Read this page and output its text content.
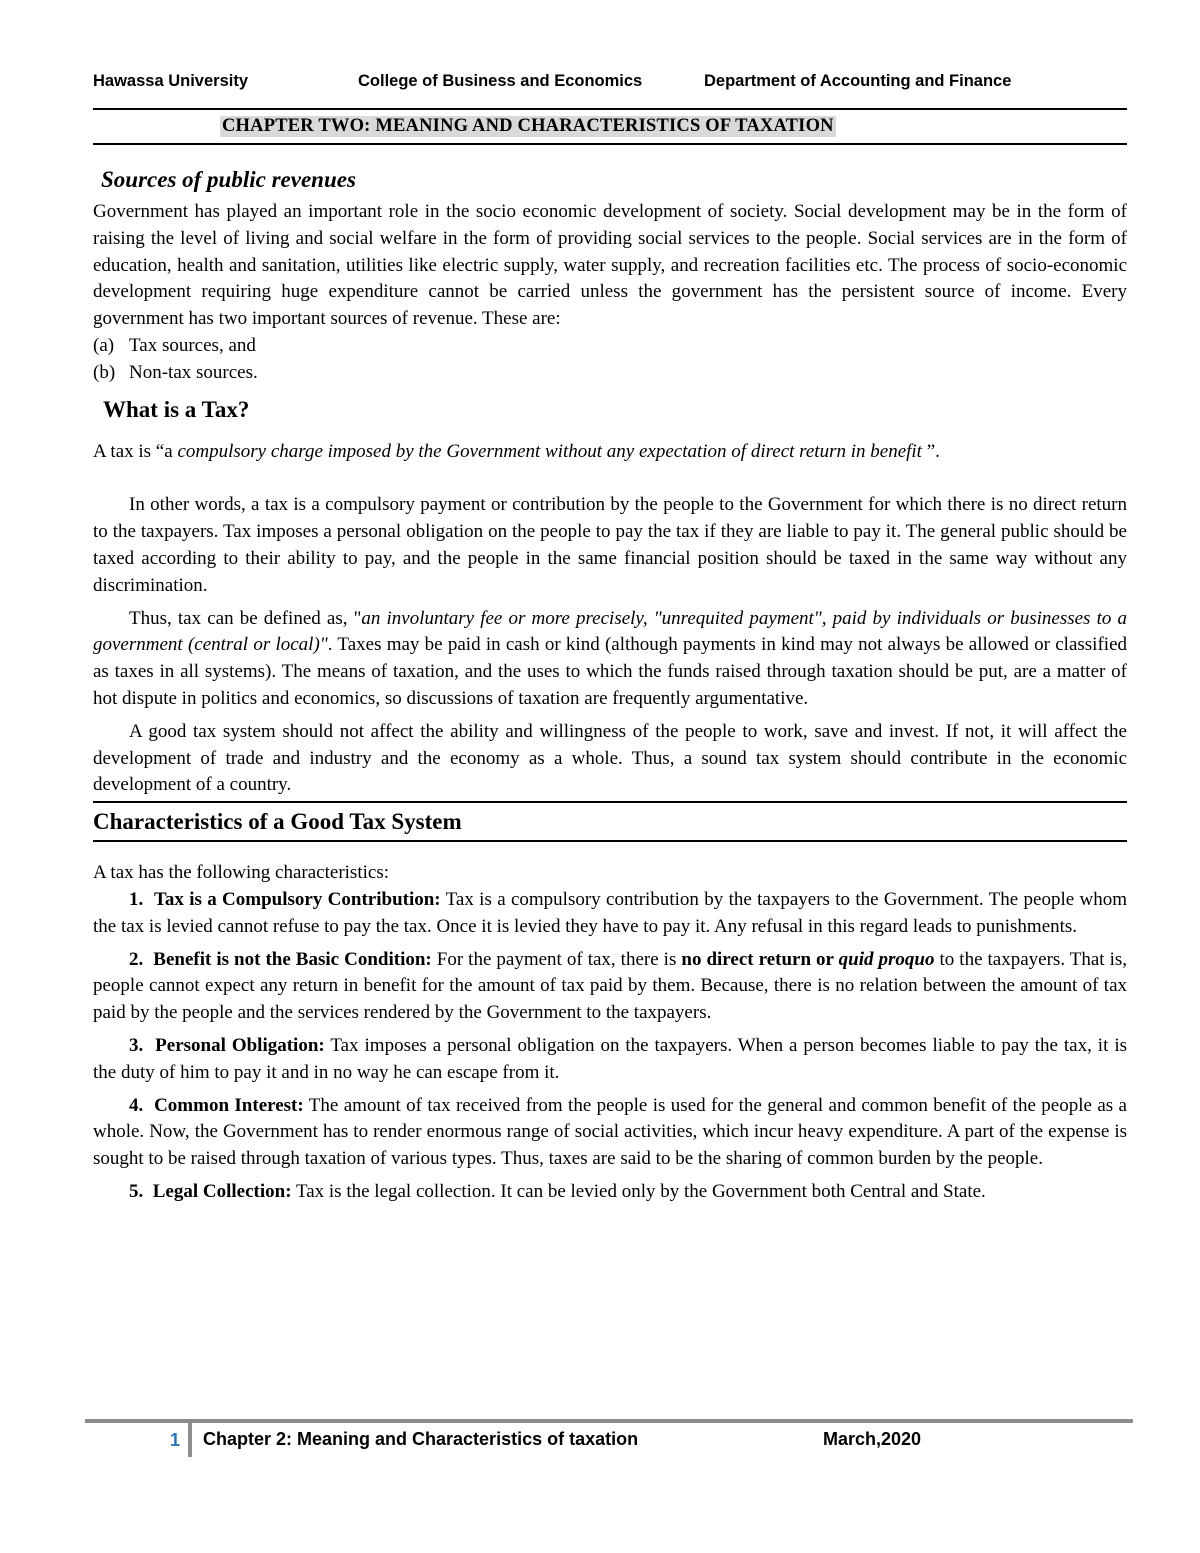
Hawassa University	College of Business and Economics	Department of Accounting and Finance
CHAPTER TWO: MEANING AND CHARACTERISTICS OF TAXATION

Sources of public revenues

Government has played an important role in the socio economic development of society. Social development may be in the form of raising the level of living and social welfare in the form of providing social services to the people. Social services are in the form of education, health and sanitation, utilities like electric supply, water supply, and recreation facilities etc. The process of socio-economic development requiring huge expenditure cannot be carried unless the government has the persistent source of income. Every government has two important sources of revenue. These are:

(a) Tax sources, and

(b) Non-tax sources.

What is a Tax?

A tax is “a compulsory charge imposed by the Government without any expectation of direct return in benefit ”.

In other words, a tax is a compulsory payment or contribution by the people to the Government for which there is no direct return to the taxpayers. Tax imposes a personal obligation on the people to pay the tax if they are liable to pay it. The general public should be taxed according to their ability to pay, and the people in the same financial position should be taxed in the same way without any discrimination.

Thus, tax can be defined as, "an involuntary fee or more precisely, "unrequited payment", paid by individuals or businesses to a government (central or local)". Taxes may be paid in cash or kind (although payments in kind may not always be allowed or classified as taxes in all systems). The means of taxation, and the uses to which the funds raised through taxation should be put, are a matter of hot dispute in politics and economics, so discussions of taxation are frequently argumentative.

A good tax system should not affect the ability and willingness of the people to work, save and invest. If not, it will affect the development of trade and industry and the economy as a whole. Thus, a sound tax system should contribute in the economic development of a country.

Characteristics of a Good Tax System

A tax has the following characteristics:

1. Tax is a Compulsory Contribution: Tax is a compulsory contribution by the taxpayers to the Government. The people whom the tax is levied cannot refuse to pay the tax. Once it is levied they have to pay it. Any refusal in this regard leads to punishments.

2. Benefit is not the Basic Condition: For the payment of tax, there is no direct return or quid proquo to the taxpayers. That is, people cannot expect any return in benefit for the amount of tax paid by them. Because, there is no relation between the amount of tax paid by the people and the services rendered by the Government to the taxpayers.

3. Personal Obligation: Tax imposes a personal obligation on the taxpayers. When a person becomes liable to pay the tax, it is the duty of him to pay it and in no way he can escape from it.

4. Common Interest: The amount of tax received from the people is used for the general and common benefit of the people as a whole. Now, the Government has to render enormous range of social activities, which incur heavy expenditure. A part of the expense is sought to be raised through taxation of various types. Thus, taxes are said to be the sharing of common burden by the people.

5. Legal Collection: Tax is the legal collection. It can be levied only by the Government both Central and State.

1 Chapter 2: Meaning and Characteristics of taxation	March,2020
